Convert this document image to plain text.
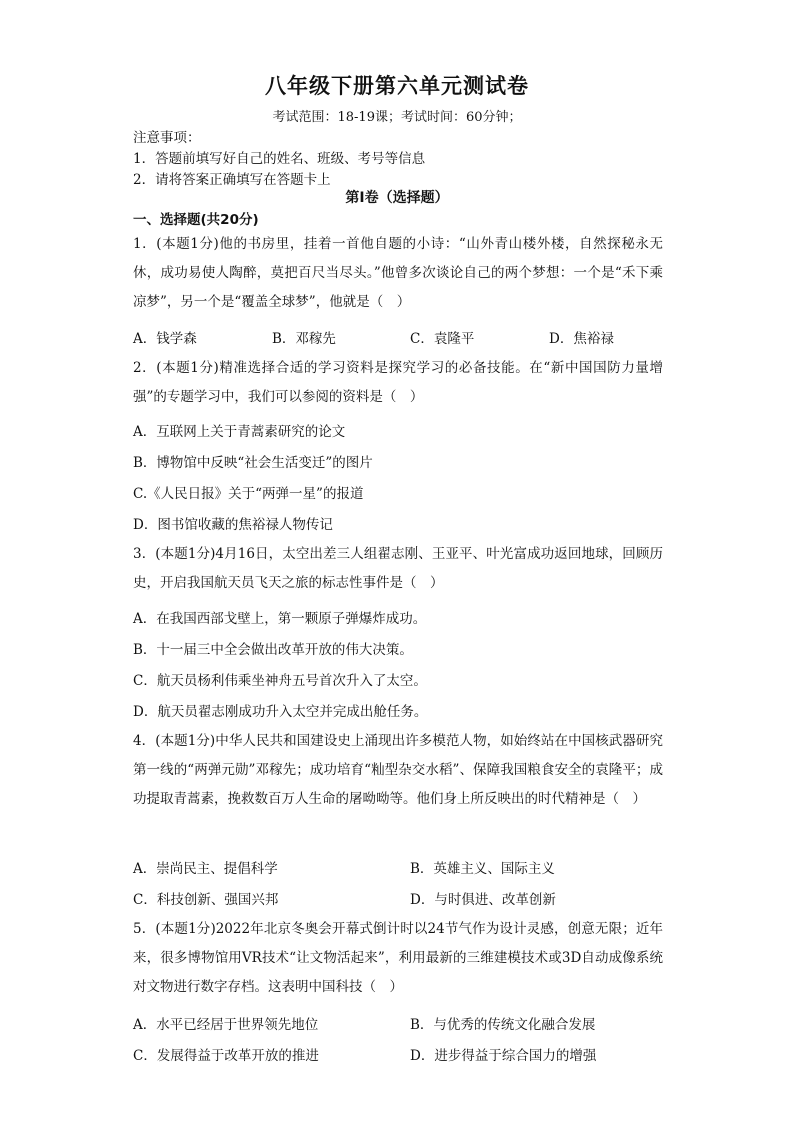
八年级下册第六单元测试卷
考试范围：18-19课；考试时间：60分钟；
注意事项：
1．答题前填写好自己的姓名、班级、考号等信息
2．请将答案正确填写在答题卡上
第I卷（选择题）
一、选择题(共20分)
1．(本题1分)他的书房里，挂着一首他自题的小诗：“山外青山楼外楼，自然探秘永无休，成功易使人陶醉，莫把百尺当尽头。”他曾多次谈论自己的两个梦想：一个是“禾下乘凉梦”，另一个是“覆盖全球梦”，他就是（　）
A．钱学森	B．邓稼先	C．袁隆平	D．焦裕禄
2．(本题1分)精准选择合适的学习资料是探究学习的必备技能。在“新中国国防力量增强”的专题学习中，我们可以参阅的资料是（　）
A．互联网上关于青蒿素研究的论文
B．博物馆中反映“社会生活变迁”的图片
C.《人民日报》关于“两弹一星”的报道
D．图书馆收藏的焦裕禄人物传记
3．(本题1分)4月16日，太空出差三人组翟志刚、王亚平、叶光富成功返回地球，回顾历史，开启我国航天员飞天之旅的标志性事件是（　）
A．在我国西部戈壁上，第一颗原子弹爆炸成功。
B．十一届三中全会做出改革开放的伟大决策。
C．航天员杨利伟乘坐神舟五号首次升入了太空。
D．航天员翟志刚成功升入太空并完成出舱任务。
4．(本题1分)中华人民共和国建设史上涌现出许多模范人物，如始终站在中国核武器研究第一线的“两弹元勋”邓稼先；成功培育“籼型杂交水稻”、保障我国粮食安全的袁隆平；成功提取青蒿素，挽救数百万人生命的屠呦呦等。他们身上所反映出的时代精神是（　）
A．崇尚民主、提倡科学	B．英雄主义、国际主义
C．科技创新、强国兴邦	D．与时俱进、改革创新
5．(本题1分)2022年北京冬奥会开幕式倒计时以24节气作为设计灵感，创意无限；近年来，很多博物馆用VR技术“让文物活起来”，利用最新的三维建模技术或3D自动成像系统对文物进行数字存档。这表明中国科技（　）
A．水平已经居于世界领先地位	B．与优秀的传统文化融合发展
C．发展得益于改革开放的推进	D．进步得益于综合国力的增强
